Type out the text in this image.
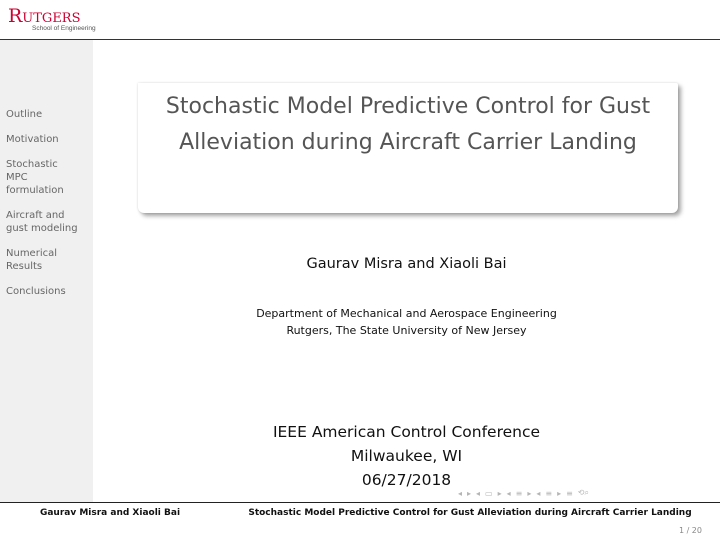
Rutgers
School of Engineering
Outline
Motivation
Stochastic MPC formulation
Aircraft and gust modeling
Numerical Results
Conclusions
Stochastic Model Predictive Control for Gust Alleviation during Aircraft Carrier Landing
Gaurav Misra and Xiaoli Bai
Department of Mechanical and Aerospace Engineering
Rutgers, The State University of New Jersey
IEEE American Control Conference
Milwaukee, WI
06/27/2018
◂ ▸ ◂ ▭ ▸ ◂ ≡ ▸ ◂ ≡ ▸ ≡ ⟲⌕
Gaurav Misra and Xiaoli Bai	Stochastic Model Predictive Control for Gust Alleviation during Aircraft Carrier Landing
1 / 20
